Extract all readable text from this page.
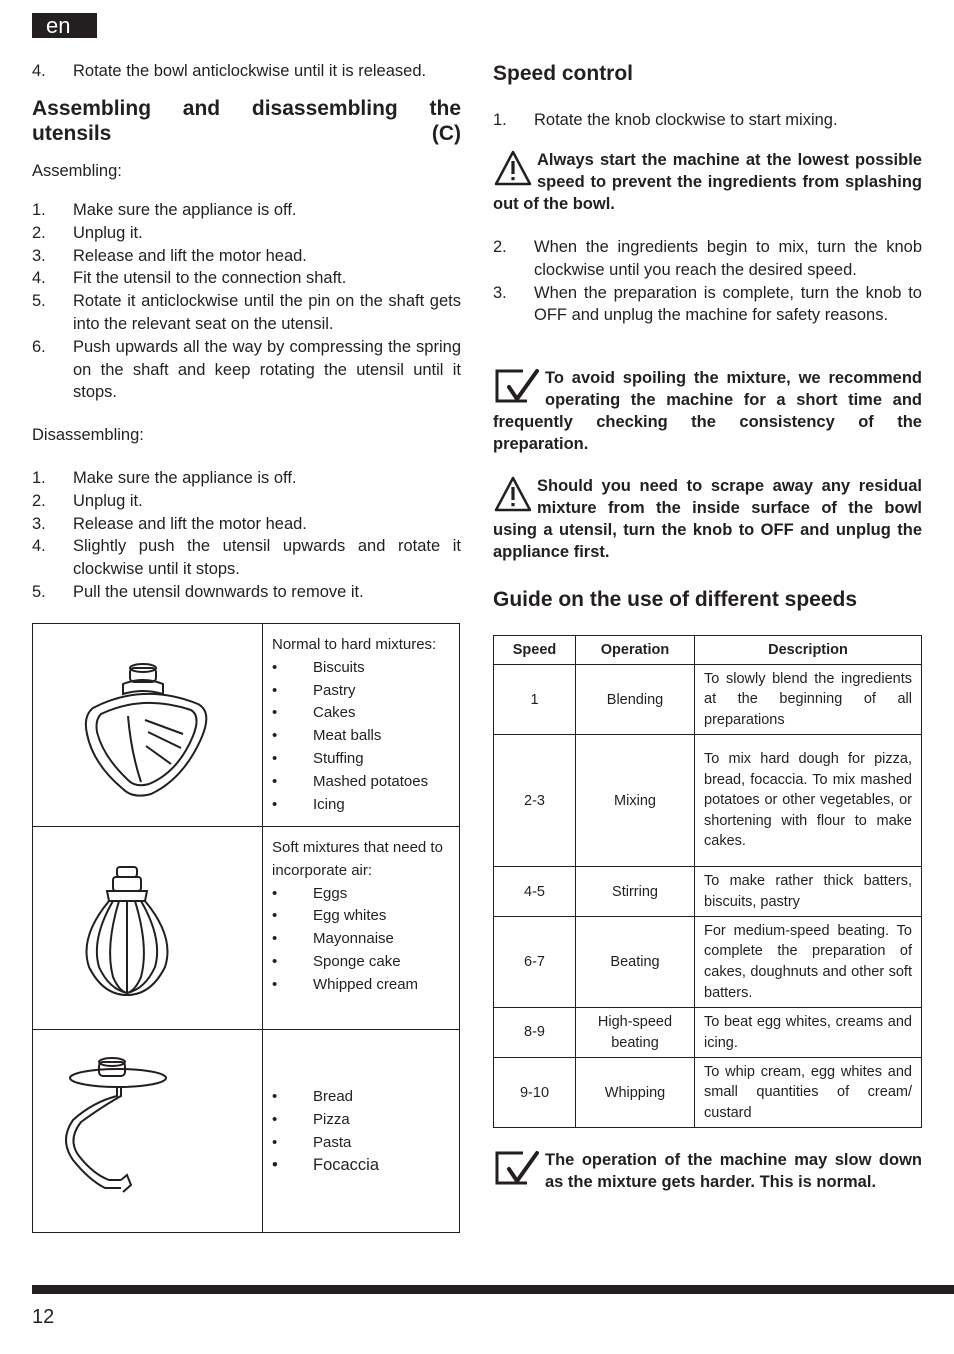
en
4. Rotate the bowl anticlockwise until it is released.
Assembling and disassembling the utensils (C)
Assembling:
1. Make sure the appliance is off.
2. Unplug it.
3. Release and lift the motor head.
4. Fit the utensil to the connection shaft.
5. Rotate it anticlockwise until the pin on the shaft gets into the relevant seat on the utensil.
6. Push upwards all the way by compressing the spring on the shaft and keep rotating the utensil until it stops.
Disassembling:
1. Make sure the appliance is off.
2. Unplug it.
3. Release and lift the motor head.
4. Slightly push the utensil upwards and rotate it clockwise until it stops.
5. Pull the utensil downwards to remove it.
Normal to hard mixtures:
• Biscuits
• Pastry
• Cakes
• Meat balls
• Stuffing
• Mashed potatoes
• Icing
Soft mixtures that need to incorporate air:
• Eggs
• Egg whites
• Mayonnaise
• Sponge cake
• Whipped cream
• Bread
• Pizza
• Pasta
• Focaccia
Speed control
1. Rotate the knob clockwise to start mixing.
Always start the machine at the lowest possible speed to prevent the ingredients from splashing out of the bowl.
2. When the ingredients begin to mix, turn the knob clockwise until you reach the desired speed.
3. When the preparation is complete, turn the knob to OFF and unplug the machine for safety reasons.
To avoid spoiling the mixture, we recommend operating the machine for a short time and frequently checking the consistency of the preparation.
Should you need to scrape away any residual mixture from the inside surface of the bowl using a utensil, turn the knob to OFF and unplug the appliance first.
Guide on the use of different speeds
Speed	Operation	Description
1	Blending	To slowly blend the ingredients at the beginning of all preparations
2-3	Mixing	To mix hard dough for pizza, bread, focaccia. To mix mashed potatoes or other vegetables, or shortening with flour to make cakes.
4-5	Stirring	To make rather thick batters, biscuits, pastry
6-7	Beating	For medium-speed beating. To complete the preparation of cakes, doughnuts and other soft batters.
8-9	High-speed beating	To beat egg whites, creams and icing.
9-10	Whipping	To whip cream, egg whites and small quantities of cream/ custard
The operation of the machine may slow down as the mixture gets harder. This is normal.
12
